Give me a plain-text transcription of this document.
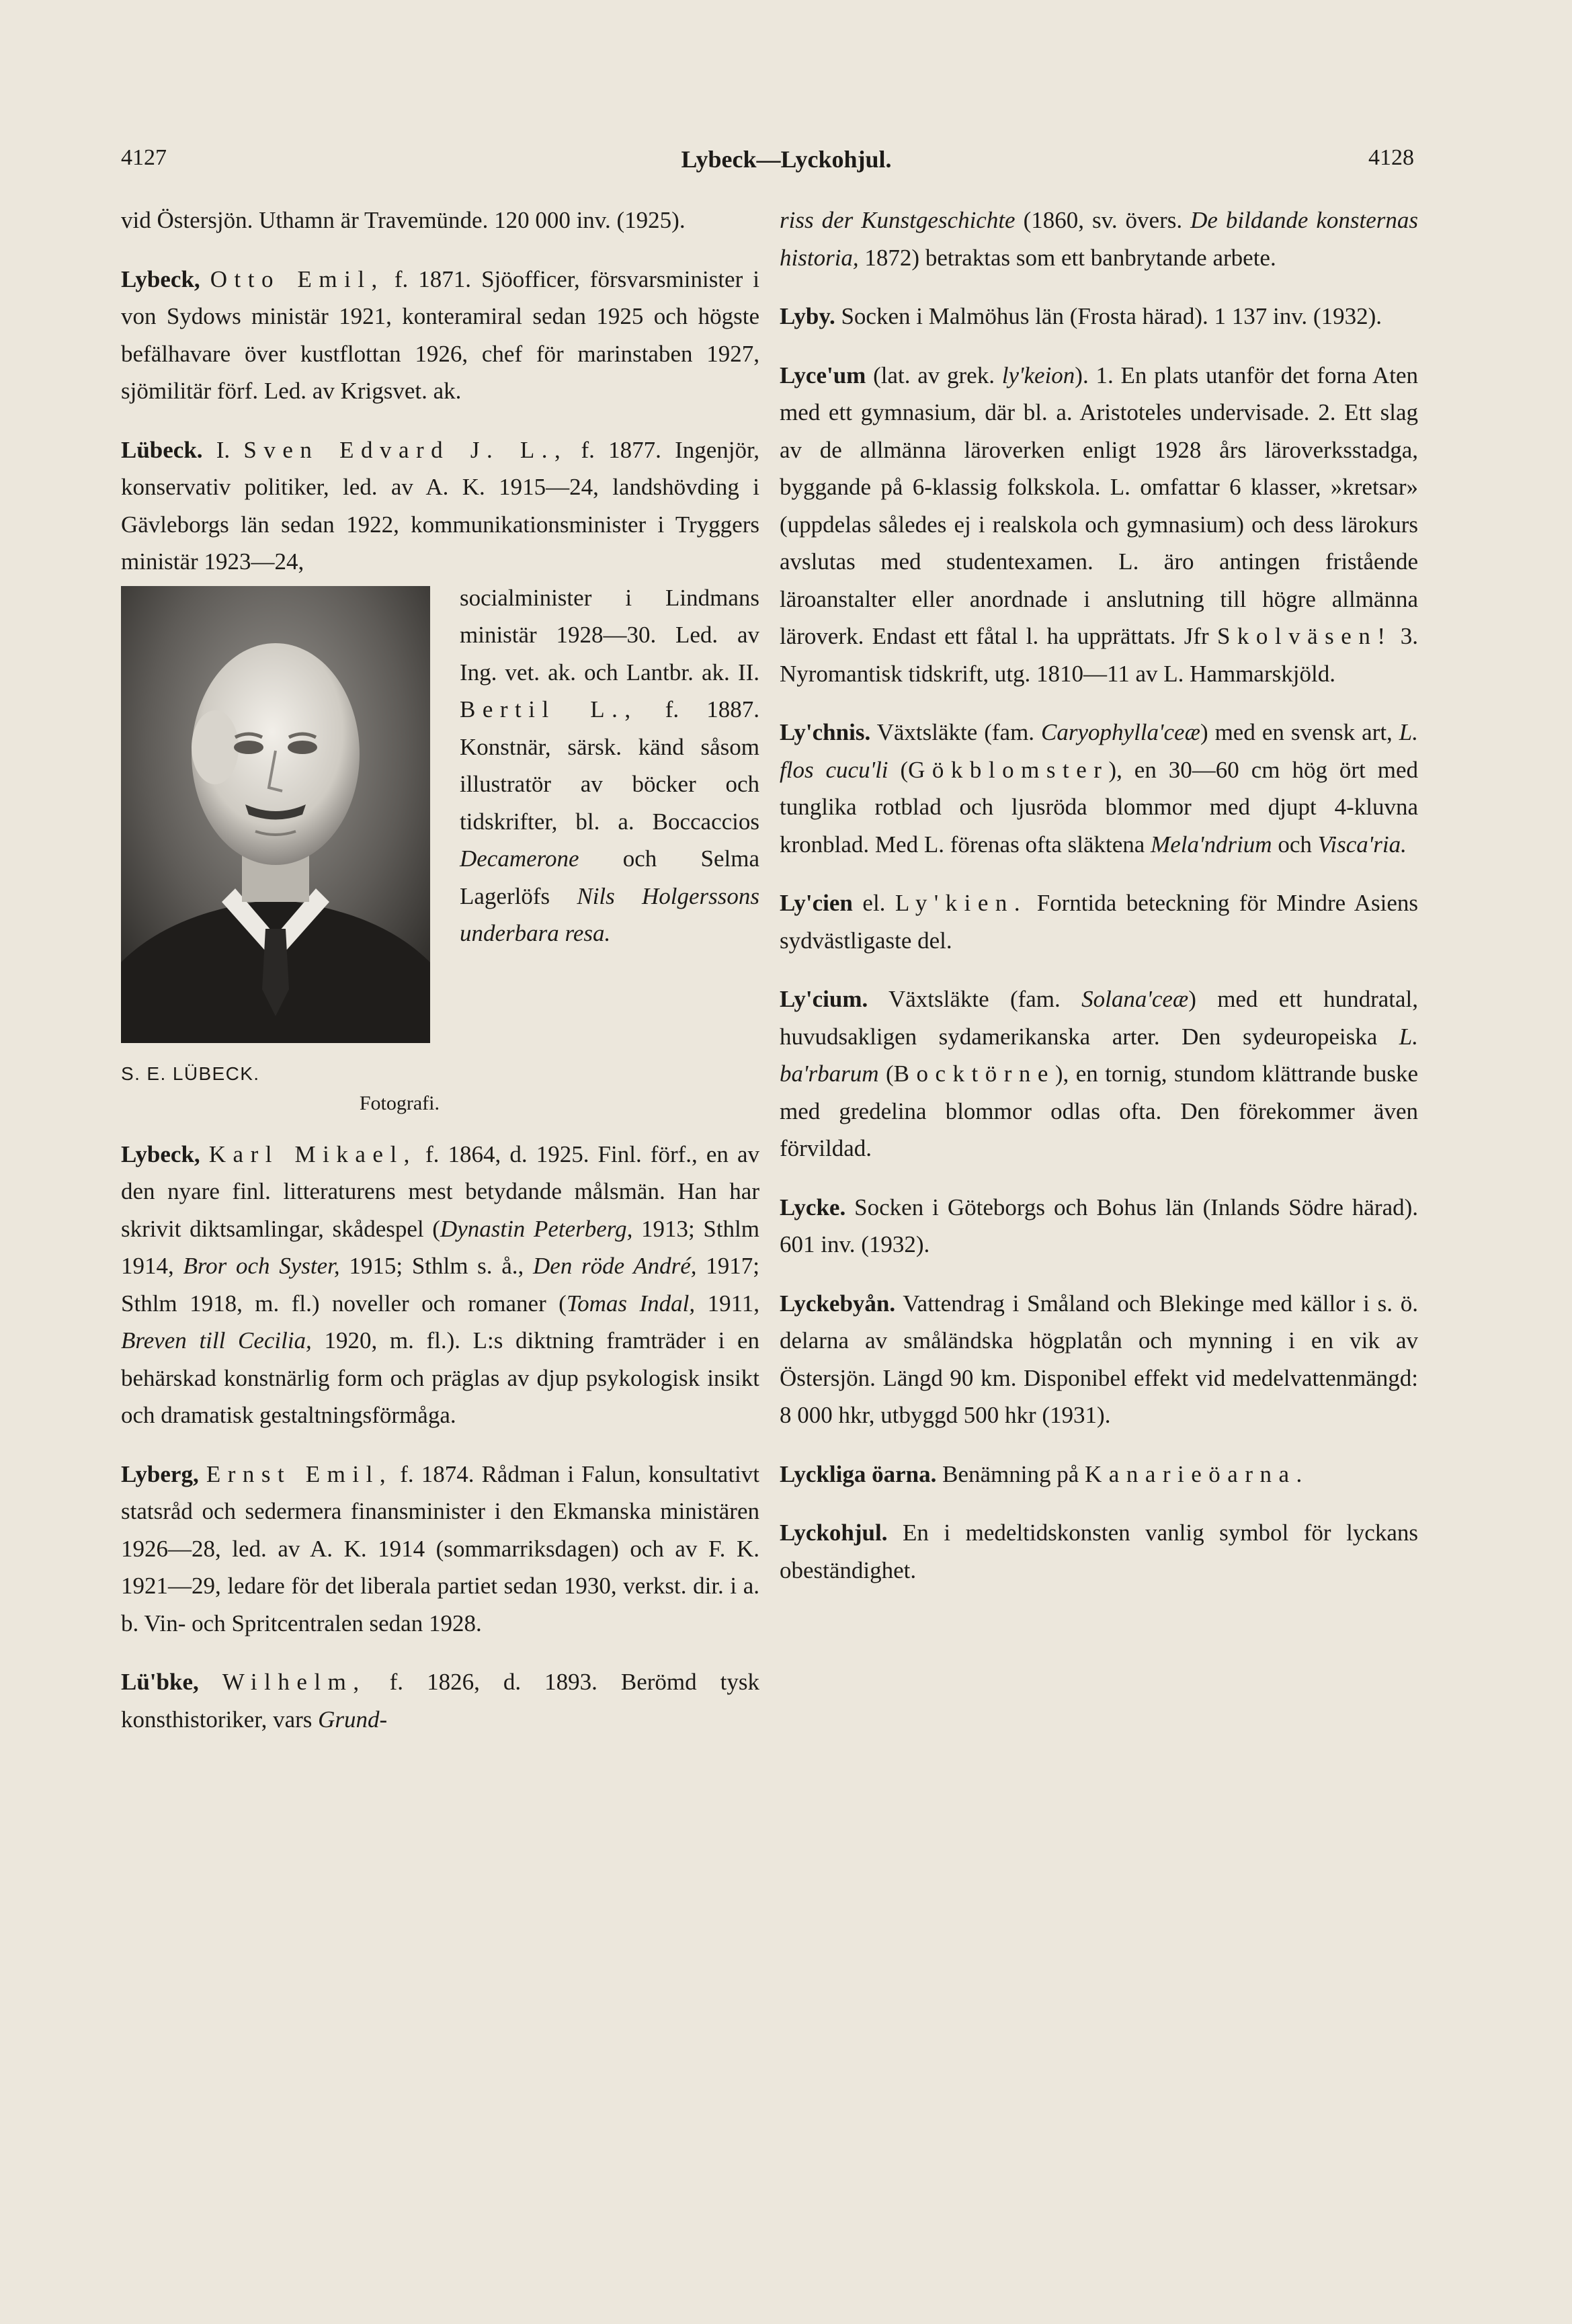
4127	Lybeck—Lyckohjul.	4128

vid Östersjön. Uthamn är Travemünde. 120 000 inv. (1925).

Lybeck, Otto Emil, f. 1871. Sjöofficer, försvarsminister i von Sydows ministär 1921, konteramiral sedan 1925 och högste befälhavare över kustflottan 1926, chef för marinstaben 1927, sjömilitär förf. Led. av Krigsvet. ak.

Lübeck. I. Sven Edvard J. L., f. 1877. Ingenjör, konservativ politiker, led. av A. K. 1915—24, landshövding i Gävleborgs län sedan 1922, kommunikationsminister i Tryggers ministär 1923—24,

S. E. LÜBECK.
Fotografi.
socialminister i Lindmans ministär 1928—30. Led. av Ing. vet. ak. och Lantbr. ak. II. Bertil L., f. 1887. Konstnär, särsk. känd såsom illustratör av böcker och tidskrifter, bl. a. Boccaccios Decamerone och Selma Lagerlöfs Nils Holgerssons underbara resa.

Lybeck, Karl Mikael, f. 1864, d. 1925. Finl. förf., en av den nyare finl. litteraturens mest betydande målsmän. Han har skrivit diktsamlingar, skådespel (Dynastin Peterberg, 1913; Sthlm 1914, Bror och Syster, 1915; Sthlm s. å., Den röde André, 1917; Sthlm 1918, m. fl.) noveller och romaner (Tomas Indal, 1911, Breven till Cecilia, 1920, m. fl.). L:s diktning framträder i en behärskad konstnärlig form och präglas av djup psykologisk insikt och dramatisk gestaltningsförmåga.

Lyberg, Ernst Emil, f. 1874. Rådman i Falun, konsultativt statsråd och sedermera finansminister i den Ekmanska ministären 1926—28, led. av A. K. 1914 (sommarriksdagen) och av F. K. 1921—29, ledare för det liberala partiet sedan 1930, verkst. dir. i a. b. Vin- och Spritcentralen sedan 1928.

Lü'bke, Wilhelm, f. 1826, d. 1893. Berömd tysk konsthistoriker, vars Grund-

riss der Kunstgeschichte (1860, sv. övers. De bildande konsternas historia, 1872) betraktas som ett banbrytande arbete.

Lyby. Socken i Malmöhus län (Frosta härad). 1 137 inv. (1932).

Lyce'um (lat. av grek. ly'keion). 1. En plats utanför det forna Aten med ett gymnasium, där bl. a. Aristoteles undervisade. 2. Ett slag av de allmänna läroverken enligt 1928 års läroverksstadga, byggande på 6-klassig folkskola. L. omfattar 6 klasser, »kretsar» (uppdelas således ej i realskola och gymnasium) och dess lärokurs avslutas med studentexamen. L. äro antingen fristående läroanstalter eller anordnade i anslutning till högre allmänna läroverk. Endast ett fåtal l. ha upprättats. Jfr Skolväsen! 3. Nyromantisk tidskrift, utg. 1810—11 av L. Hammarskjöld.

Ly'chnis. Växtsläkte (fam. Caryophylla'ceæ) med en svensk art, L. flos cucu'li (Gökblomster), en 30—60 cm hög ört med tunglika rotblad och ljusröda blommor med djupt 4-kluvna kronblad. Med L. förenas ofta släktena Mela'ndrium och Visca'ria.

Ly'cien el. Ly'kien. Forntida beteckning för Mindre Asiens sydvästligaste del.

Ly'cium. Växtsläkte (fam. Solana'ceæ) med ett hundratal, huvudsakligen sydamerikanska arter. Den sydeuropeiska L. ba'rbarum (Bocktörne), en tornig, stundom klättrande buske med gredelina blommor odlas ofta. Den förekommer även förvildad.

Lycke. Socken i Göteborgs och Bohus län (Inlands Södre härad). 601 inv. (1932).

Lyckebyån. Vattendrag i Småland och Blekinge med källor i s. ö. delarna av småländska högplatån och mynning i en vik av Östersjön. Längd 90 km. Disponibel effekt vid medelvattenmängd: 8 000 hkr, utbyggd 500 hkr (1931).

Lyckliga öarna. Benämning på Kanarieöarna.

Lyckohjul. En i medeltidskonsten vanlig symbol för lyckans obeständighet.
